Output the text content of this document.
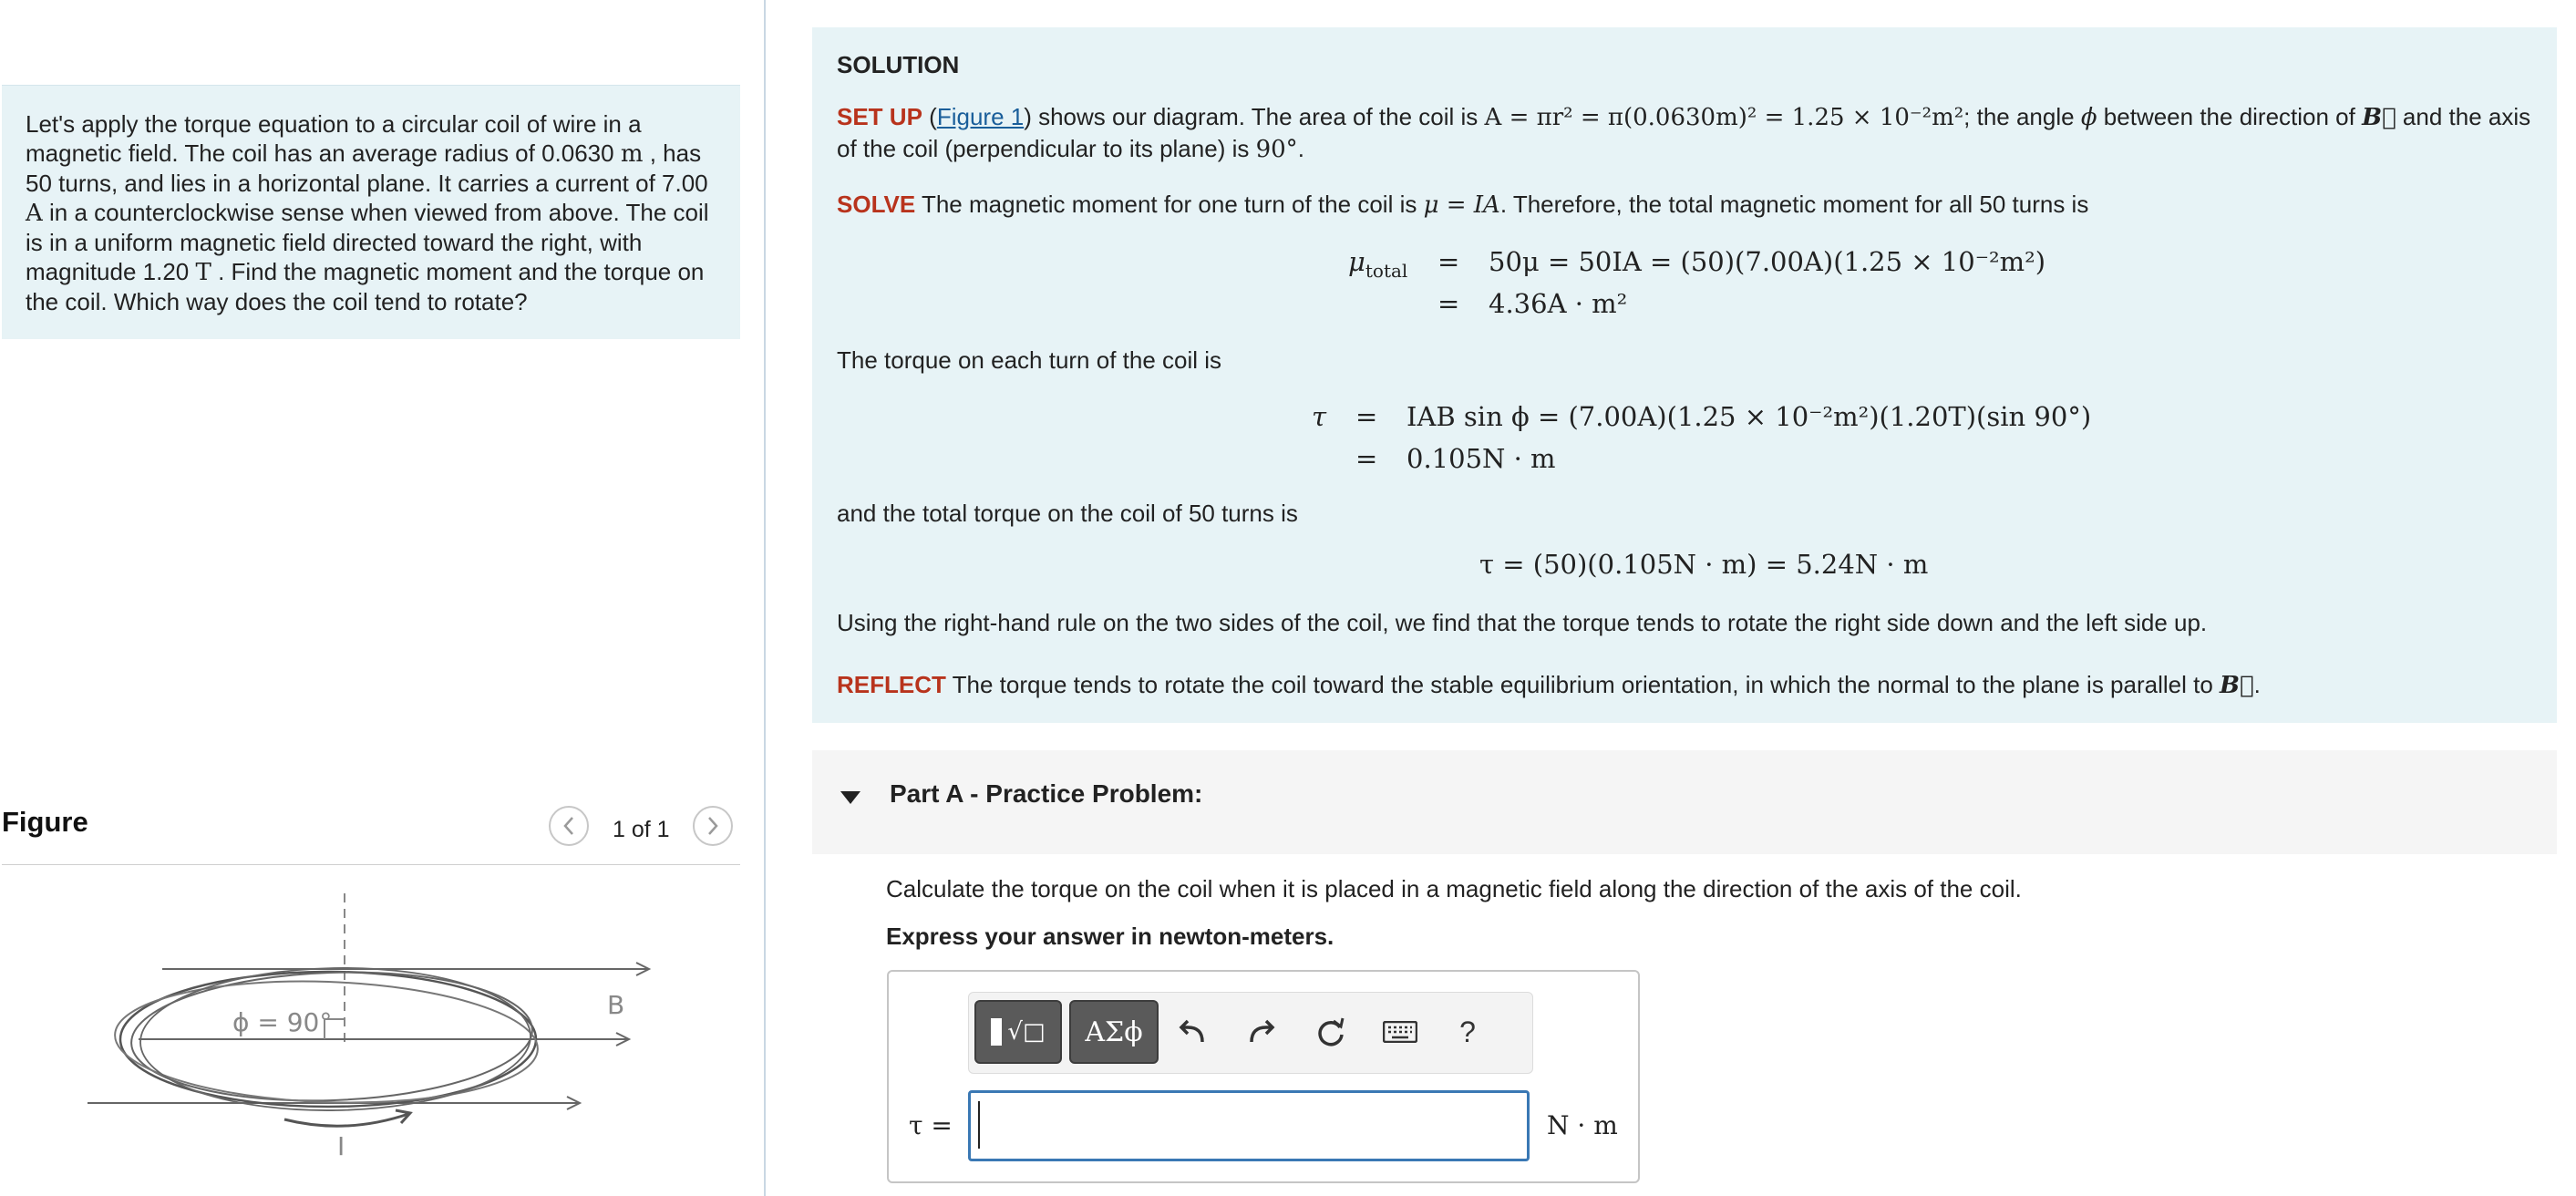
Let's apply the torque equation to a circular coil of wire in a magnetic field. The coil has an average radius of 0.0630 m , has 50 turns, and lies in a horizontal plane. It carries a current of 7.00 A in a counterclockwise sense when viewed from above. The coil is in a uniform magnetic field directed toward the right, with magnitude 1.20 T . Find the magnetic moment and the torque on the coil. Which way does the coil tend to rotate?
Figure	1 of 1
ϕ = 90°
B
I
SOLUTION
SET UP (Figure 1) shows our diagram. The area of the coil is A = πr² = π(0.0630m)² = 1.25 × 10⁻²m²; the angle ϕ between the direction of B⃗ and the axis of the coil (perpendicular to its plane) is 90°.
SOLVE The magnetic moment for one turn of the coil is μ = IA. Therefore, the total magnetic moment for all 50 turns is
$\mu_{total} = 50\mu = 50IA = (50)(7.00A)(1.25 \times 10^{-2}m^2)$
= 4.36A · m²
The torque on each turn of the coil is
τ = IAB sin ϕ = (7.00A)(1.25 × 10⁻²m²)(1.20T)(sin 90°)
= 0.105N · m
and the total torque on the coil of 50 turns is
τ = (50)(0.105N · m) = 5.24N · m
Using the right-hand rule on the two sides of the coil, we find that the torque tends to rotate the right side down and the left side up.
REFLECT The torque tends to rotate the coil toward the stable equilibrium orientation, in which the normal to the plane is parallel to B⃗.
Part A - Practice Problem:
Calculate the torque on the coil when it is placed in a magnetic field along the direction of the axis of the coil.
Express your answer in newton-meters.
√□	ΑΣϕ	?
τ =	N · m
